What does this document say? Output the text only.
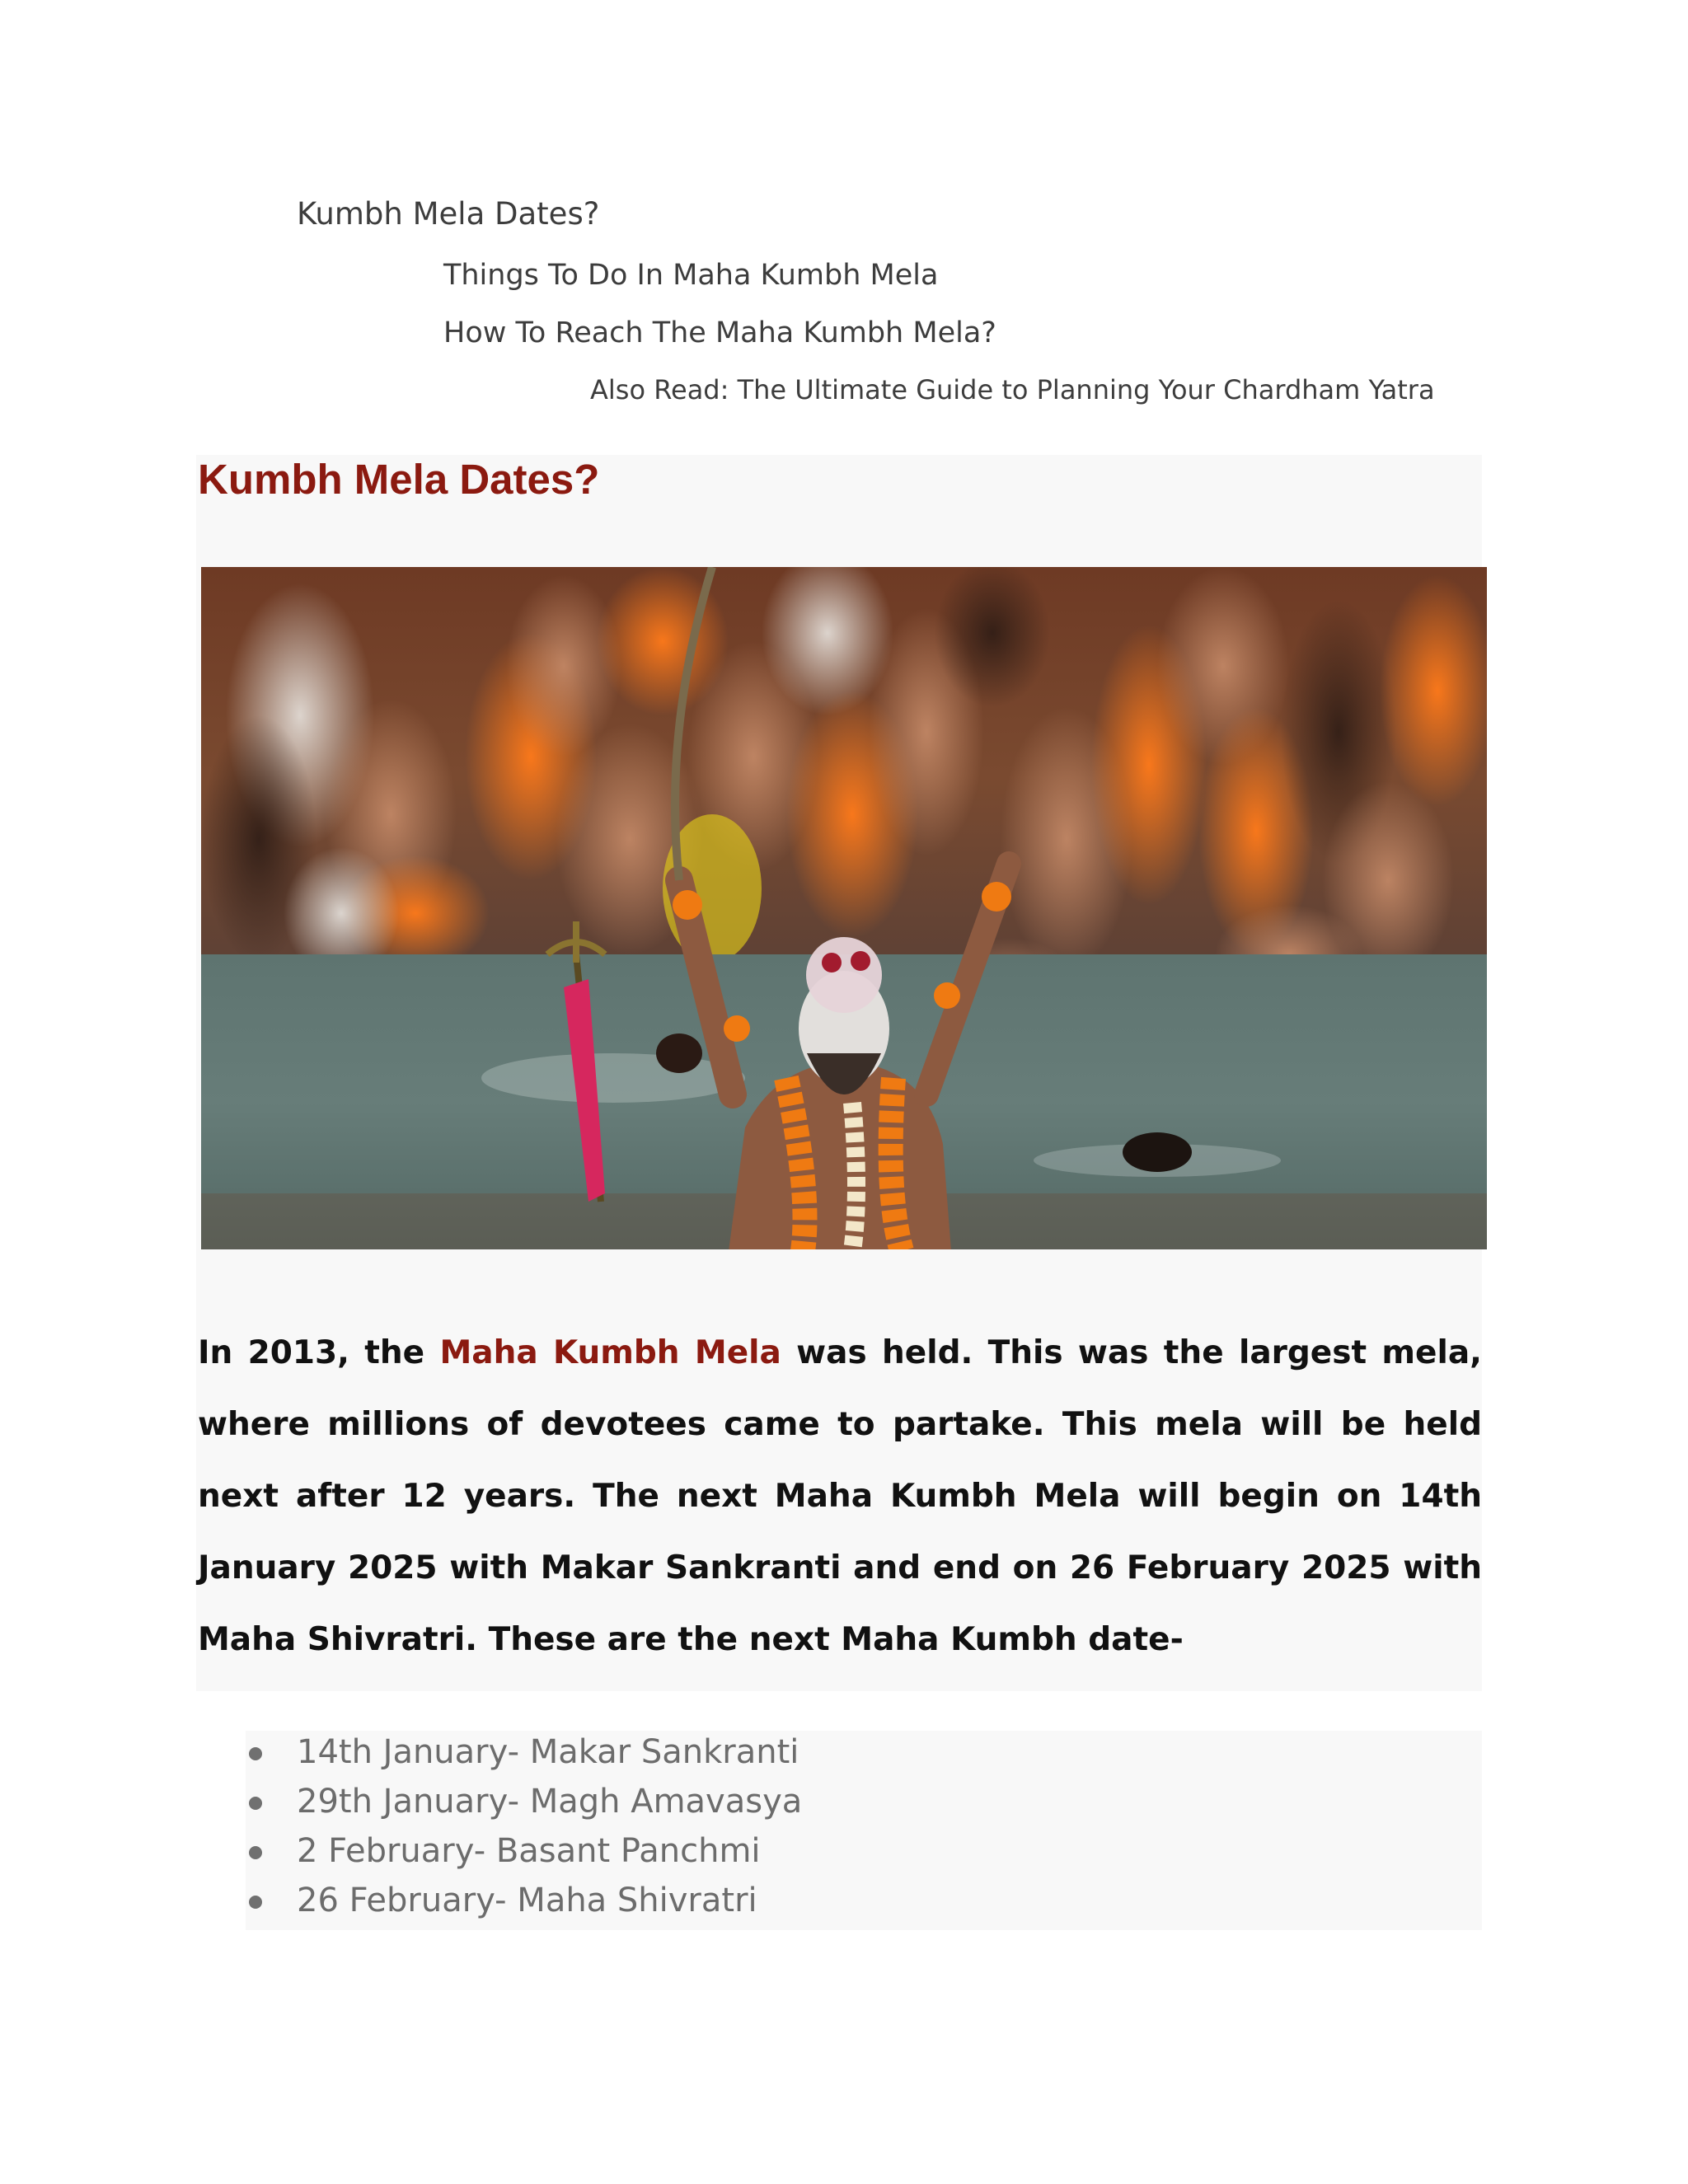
Kumbh Mela Dates?
Things To Do In Maha Kumbh Mela
How To Reach The Maha Kumbh Mela?
Also Read: The Ultimate Guide to Planning Your Chardham Yatra
Kumbh Mela Dates?

In 2013, the Maha Kumbh Mela was held. This was the largest mela, where millions of devotees came to partake. This mela will be held next after 12 years. The next Maha Kumbh Mela will begin on 14th January 2025 with Makar Sankranti and end on 26 February 2025 with Maha Shivratri. These are the next Maha Kumbh date-

14th January- Makar Sankranti
29th January- Magh Amavasya
2 February- Basant Panchmi
26 February- Maha Shivratri
